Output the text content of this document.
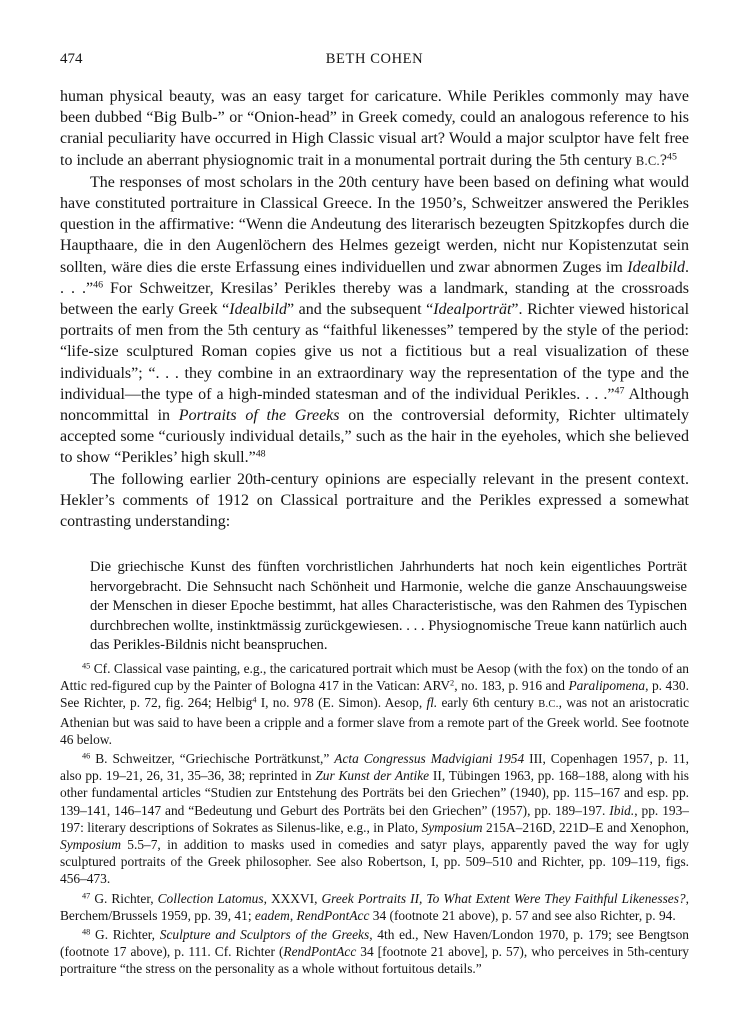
474	BETH COHEN

human physical beauty, was an easy target for caricature. While Perikles commonly may have been dubbed “Big Bulb-” or “Onion-head” in Greek comedy, could an analogous reference to his cranial peculiarity have occurred in High Classic visual art? Would a major sculptor have felt free to include an aberrant physiognomic trait in a monumental portrait during the 5th century B.C.?$^{45}$

The responses of most scholars in the 20th century have been based on defining what would have constituted portraiture in Classical Greece. In the 1950’s, Schweitzer answered the Perikles question in the affirmative: “Wenn die Andeutung des literarisch bezeugten Spitzkopfes durch die Haupthaare, die in den Augenlöchern des Helmes gezeigt werden, nicht nur Kopistenzutat sein sollten, wäre dies die erste Erfassung eines individuellen und zwar abnormen Zuges im Idealbild. . . .”$^{46}$ For Schweitzer, Kresilas’ Perikles thereby was a landmark, standing at the crossroads between the early Greek “Idealbild” and the subsequent “Idealporträt”. Richter viewed historical portraits of men from the 5th century as “faithful likenesses” tempered by the style of the period: “life-size sculptured Roman copies give us not a fictitious but a real visualization of these individuals”; “. . . they combine in an extraordinary way the representation of the type and the individual—the type of a high-minded statesman and of the individual Perikles. . . .”$^{47}$ Although noncommittal in Portraits of the Greeks on the controversial deformity, Richter ultimately accepted some “curiously individual details,” such as the hair in the eyeholes, which she believed to show “Perikles’ high skull.”$^{48}$

The following earlier 20th-century opinions are especially relevant in the present context. Hekler’s comments of 1912 on Classical portraiture and the Perikles expressed a somewhat contrasting understanding:

Die griechische Kunst des fünften vorchristlichen Jahrhunderts hat noch kein eigentliches Porträt hervorgebracht. Die Sehnsucht nach Schönheit und Harmonie, welche die ganze Anschauungsweise der Menschen in dieser Epoche bestimmt, hat alles Characteristische, was den Rahmen des Typischen durchbrechen wollte, instinktmässig zurückgewiesen. . . . Physiognomische Treue kann natürlich auch das Perikles-Bildnis nicht beanspruchen.

$^{45}$ Cf. Classical vase painting, e.g., the caricatured portrait which must be Aesop (with the fox) on the tondo of an Attic red-figured cup by the Painter of Bologna 417 in the Vatican: ARV$^2$, no. 183, p. 916 and Paralipomena, p. 430. See Richter, p. 72, fig. 264; Helbig$^4$ I, no. 978 (E. Simon). Aesop, fl. early 6th century B.C., was not an aristocratic Athenian but was said to have been a cripple and a former slave from a remote part of the Greek world. See footnote 46 below.

$^{46}$ B. Schweitzer, “Griechische Porträtkunst,” Acta Congressus Madvigiani 1954 III, Copenhagen 1957, p. 11, also pp. 19–21, 26, 31, 35–36, 38; reprinted in Zur Kunst der Antike II, Tübingen 1963, pp. 168–188, along with his other fundamental articles “Studien zur Entstehung des Porträts bei den Griechen” (1940), pp. 115–167 and esp. pp. 139–141, 146–147 and “Bedeutung und Geburt des Porträts bei den Griechen” (1957), pp. 189–197. Ibid., pp. 193–197: literary descriptions of Sokrates as Silenus-like, e.g., in Plato, Symposium 215A–216D, 221D–E and Xenophon, Symposium 5.5–7, in addition to masks used in comedies and satyr plays, apparently paved the way for ugly sculptured portraits of the Greek philosopher. See also Robertson, I, pp. 509–510 and Richter, pp. 109–119, figs. 456–473.

$^{47}$ G. Richter, Collection Latomus, XXXVI, Greek Portraits II, To What Extent Were They Faithful Likenesses?, Berchem/Brussels 1959, pp. 39, 41; eadem, RendPontAcc 34 (footnote 21 above), p. 57 and see also Richter, p. 94.

$^{48}$ G. Richter, Sculpture and Sculptors of the Greeks, 4th ed., New Haven/London 1970, p. 179; see Bengtson (footnote 17 above), p. 111. Cf. Richter (RendPontAcc 34 [footnote 21 above], p. 57), who perceives in 5th-century portraiture “the stress on the personality as a whole without fortuitous details.”
